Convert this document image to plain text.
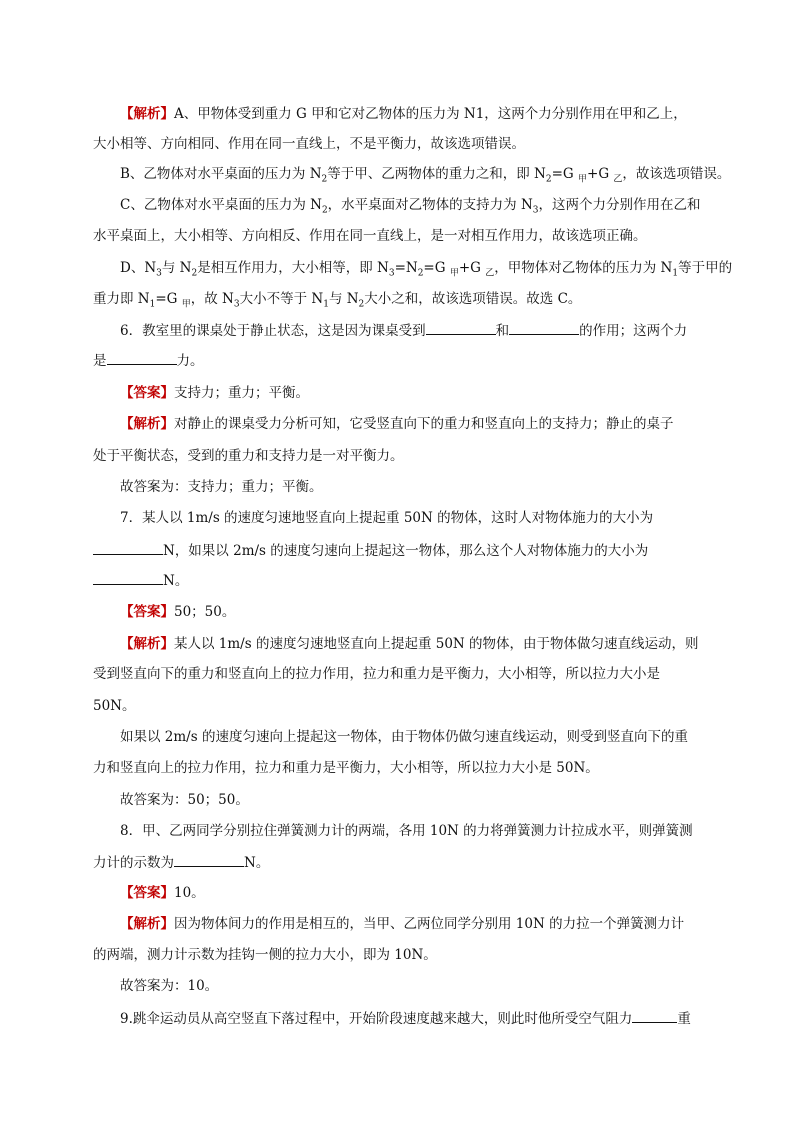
【解析】A、甲物体受到重力 G 甲和它对乙物体的压力为 N1，这两个力分别作用在甲和乙上，
大小相等、方向相同、作用在同一直线上，不是平衡力，故该选项错误。
B、乙物体对水平桌面的压力为 $N_2$等于甲、乙两物体的重力之和，即 $N_2=G$ $_甲$+G $_乙$，故该选项错误。
C、乙物体对水平桌面的压力为 $N_2$，水平桌面对乙物体的支持力为 $N_3$，这两个力分别作用在乙和
水平桌面上，大小相等、方向相反、作用在同一直线上，是一对相互作用力，故该选项正确。
D、$N_3$与 $N_2$是相互作用力，大小相等，即 $N_3=N_2=G$ $_甲$+G $_乙$，甲物体对乙物体的压力为 $N_1$等于甲的
重力即 $N_1=G$ $_甲$，故 $N_3$大小不等于 $N_1$与 $N_2$大小之和，故该选项错误。故选 C。
6．教室里的课桌处于静止状态，这是因为课桌受到	和	的作用；这两个力
是	力。
【答案】支持力；重力；平衡。
【解析】对静止的课桌受力分析可知，它受竖直向下的重力和竖直向上的支持力；静止的桌子
处于平衡状态，受到的重力和支持力是一对平衡力。
故答案为：支持力；重力；平衡。
7．某人以 1m/s 的速度匀速地竖直向上提起重 50N 的物体，这时人对物体施力的大小为
N，如果以 2m/s 的速度匀速向上提起这一物体，那么这个人对物体施力的大小为
N。
【答案】50；50。
【解析】某人以 1m/s 的速度匀速地竖直向上提起重 50N 的物体，由于物体做匀速直线运动，则
受到竖直向下的重力和竖直向上的拉力作用，拉力和重力是平衡力，大小相等，所以拉力大小是
50N。
如果以 2m/s 的速度匀速向上提起这一物体，由于物体仍做匀速直线运动，则受到竖直向下的重
力和竖直向上的拉力作用，拉力和重力是平衡力，大小相等，所以拉力大小是 50N。
故答案为：50；50。
8．甲、乙两同学分别拉住弹簧测力计的两端，各用 10N 的力将弹簧测力计拉成水平，则弹簧测
力计的示数为	N。
【答案】10。
【解析】因为物体间力的作用是相互的，当甲、乙两位同学分别用 10N 的力拉一个弹簧测力计
的两端，测力计示数为挂钩一侧的拉力大小，即为 10N。
故答案为：10。
9.跳伞运动员从高空竖直下落过程中，开始阶段速度越来越大，则此时他所受空气阻力	重
